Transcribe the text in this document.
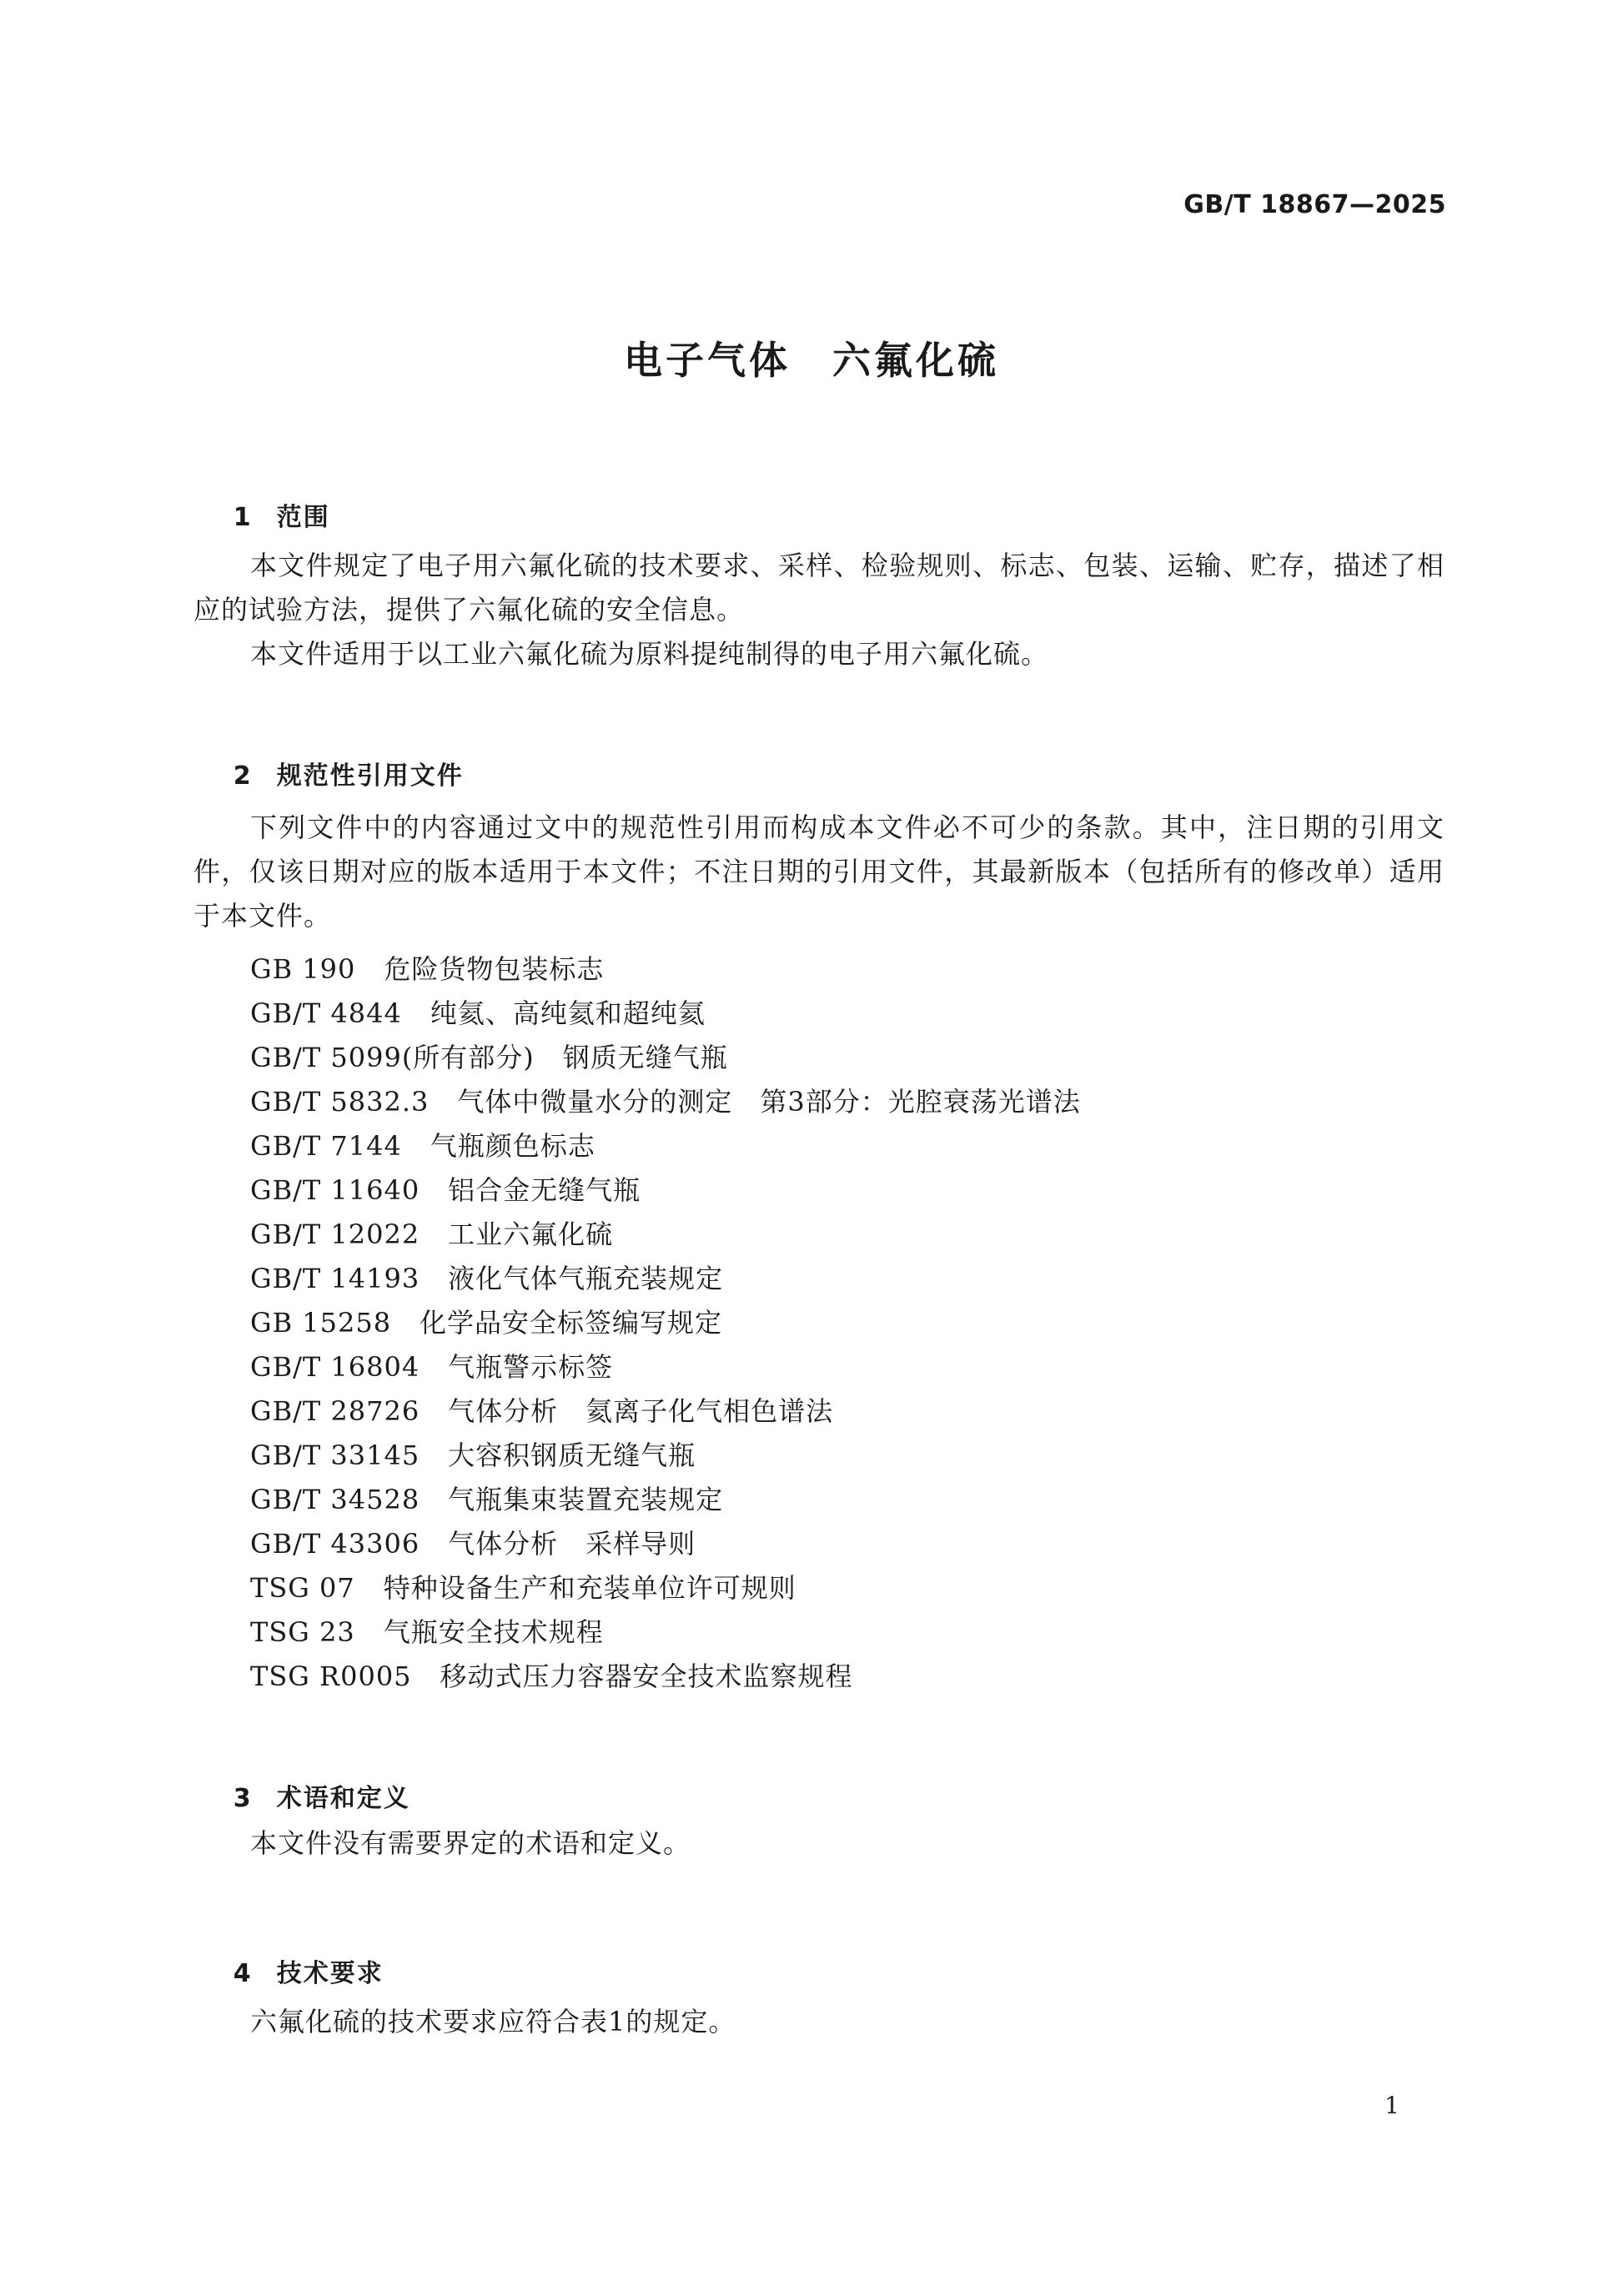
GB/T 18867—2025
电子气体　六氟化硫

1 范围

本文件规定了电子用六氟化硫的技术要求、采样、检验规则、标志、包装、运输、贮存，描述了相应的试验方法，提供了六氟化硫的安全信息。

本文件适用于以工业六氟化硫为原料提纯制得的电子用六氟化硫。

2 规范性引用文件

下列文件中的内容通过文中的规范性引用而构成本文件必不可少的条款。其中，注日期的引用文件，仅该日期对应的版本适用于本文件；不注日期的引用文件，其最新版本（包括所有的修改单）适用于本文件。

GB 190 危险货物包装标志
GB/T 4844 纯氦、高纯氦和超纯氦
GB/T 5099(所有部分) 钢质无缝气瓶
GB/T 5832.3 气体中微量水分的测定　第3部分：光腔衰荡光谱法
GB/T 7144 气瓶颜色标志
GB/T 11640 铝合金无缝气瓶
GB/T 12022 工业六氟化硫
GB/T 14193 液化气体气瓶充装规定
GB 15258 化学品安全标签编写规定
GB/T 16804 气瓶警示标签
GB/T 28726 气体分析　氦离子化气相色谱法
GB/T 33145 大容积钢质无缝气瓶
GB/T 34528 气瓶集束装置充装规定
GB/T 43306 气体分析　采样导则
TSG 07 特种设备生产和充装单位许可规则
TSG 23 气瓶安全技术规程
TSG R0005 移动式压力容器安全技术监察规程

3 术语和定义

本文件没有需要界定的术语和定义。

4 技术要求

六氟化硫的技术要求应符合表1的规定。

1
